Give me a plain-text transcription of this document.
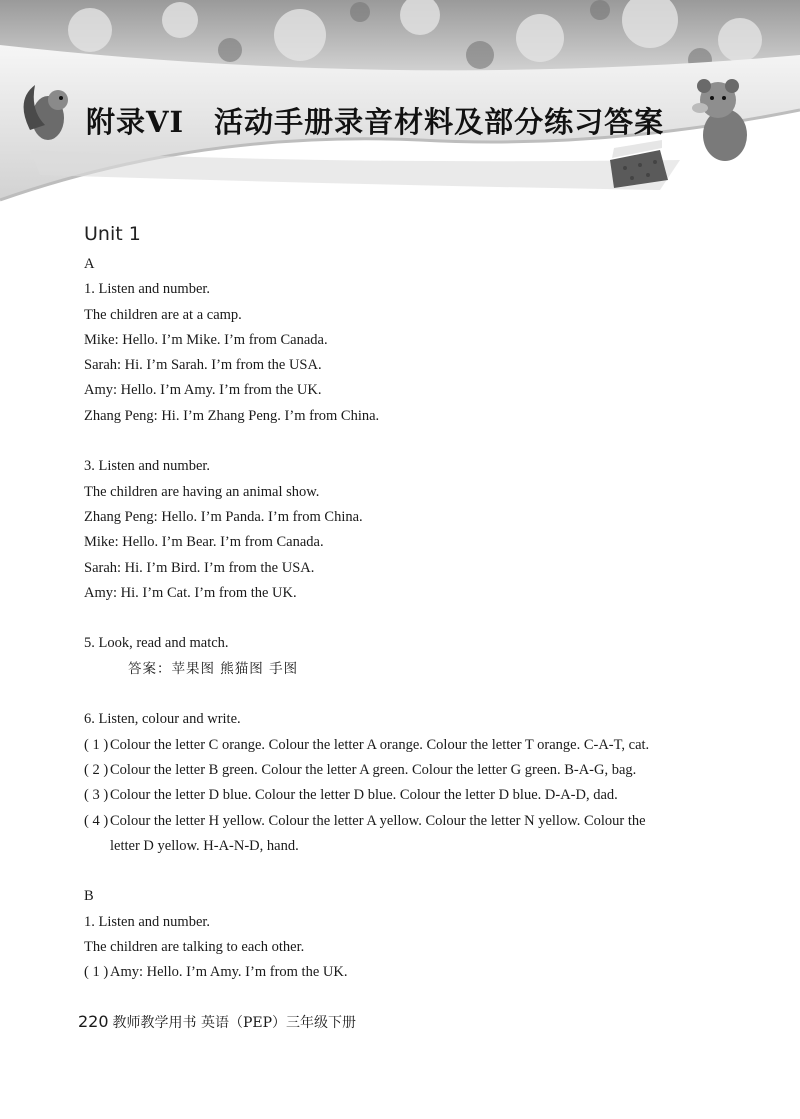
附录VI　活动手册录音材料及部分练习答案
Unit 1
A
1. Listen and number.
The children are at a camp.
Mike: Hello. I’m Mike. I’m from Canada.
Sarah: Hi. I’m Sarah. I’m from the USA.
Amy: Hello. I’m Amy. I’m from the UK.
Zhang Peng: Hi. I’m Zhang Peng. I’m from China.
3. Listen and number.
The children are having an animal show.
Zhang Peng: Hello. I’m Panda. I’m from China.
Mike: Hello. I’m Bear. I’m from Canada.
Sarah: Hi. I’m Bird. I’m from the USA.
Amy: Hi. I’m Cat. I’m from the UK.
5. Look, read and match.
答案：苹果图 熊猫图 手图
6. Listen, colour and write.
( 1 ) Colour the letter C orange. Colour the letter A orange. Colour the letter T orange. C-A-T, cat.
( 2 ) Colour the letter B green. Colour the letter A green. Colour the letter G green. B-A-G, bag.
( 3 ) Colour the letter D blue. Colour the letter D blue. Colour the letter D blue. D-A-D, dad.
( 4 ) Colour the letter H yellow. Colour the letter A yellow. Colour the letter N yellow. Colour the
letter D yellow. H-A-N-D, hand.
B
1. Listen and number.
The children are talking to each other.
( 1 ) Amy: Hello. I’m Amy. I’m from the UK.
220 教师教学用书 英语（PEP）三年级下册
